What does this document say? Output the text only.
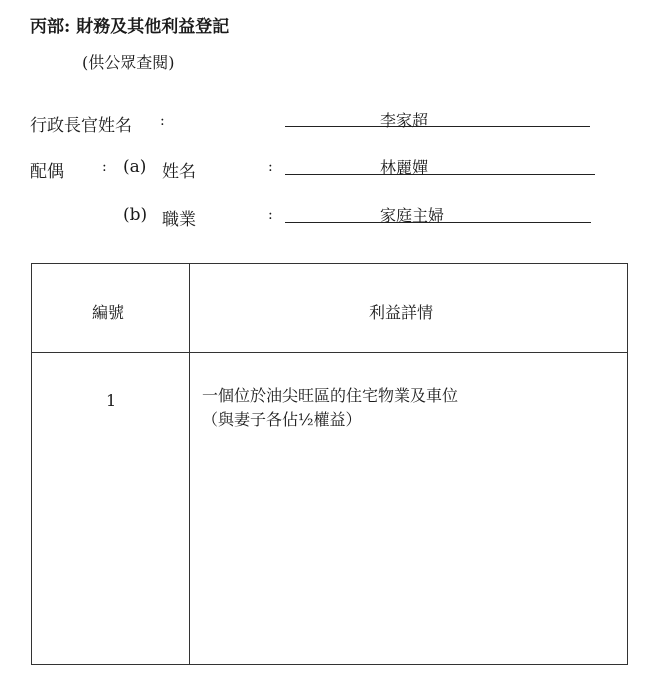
丙部: 財務及其他利益登記
(供公眾查閱)
行政長官姓名 :	李家超
配偶	: (a) 姓名	:	林麗嬋
(b) 職業	:	家庭主婦
編號	利益詳情
1	一個位於油尖旺區的住宅物業及車位
（與妻子各佔½權益）
